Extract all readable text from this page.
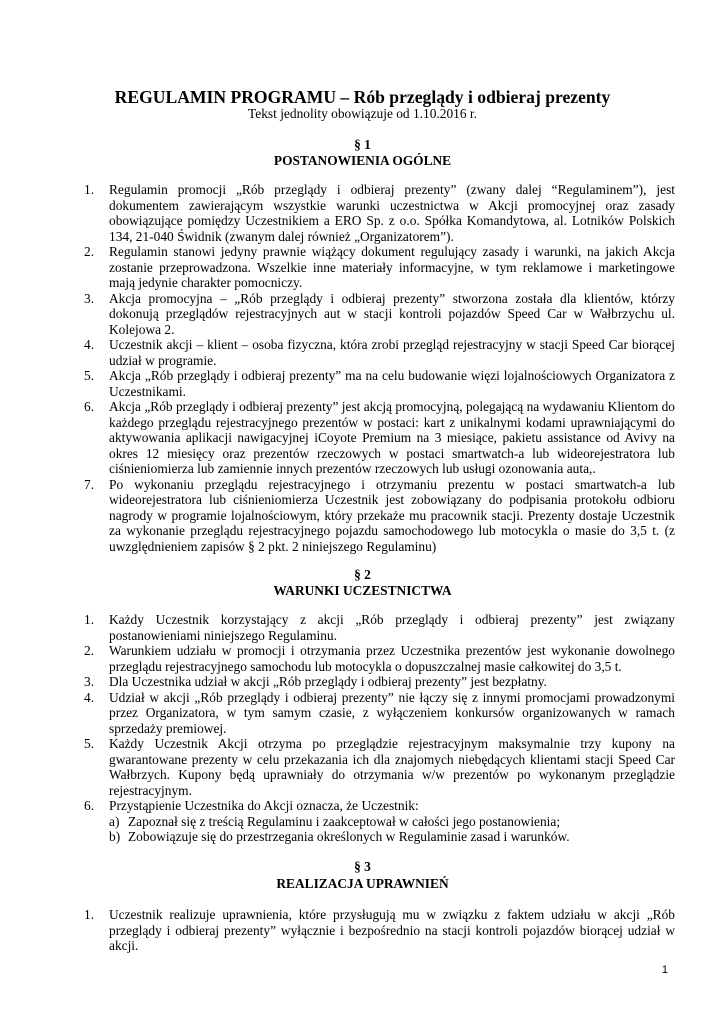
REGULAMIN PROGRAMU – Rób przeglądy i odbieraj prezenty
Tekst jednolity obowiązuje od 1.10.2016 r.
§ 1
POSTANOWIENIA OGÓLNE
1. Regulamin promocji „Rób przeglądy i odbieraj prezenty” (zwany dalej “Regulaminem”), jest dokumentem zawierającym wszystkie warunki uczestnictwa w Akcji promocyjnej oraz zasady obowiązujące pomiędzy Uczestnikiem a ERO Sp. z o.o. Spółka Komandytowa, al. Lotników Polskich 134, 21-040 Świdnik (zwanym dalej również „Organizatorem”).
2. Regulamin stanowi jedyny prawnie wiążący dokument regulujący zasady i warunki, na jakich Akcja zostanie przeprowadzona. Wszelkie inne materiały informacyjne, w tym reklamowe i marketingowe mają jedynie charakter pomocniczy.
3. Akcja promocyjna – „Rób przeglądy i odbieraj prezenty” stworzona została dla klientów, którzy dokonują przeglądów rejestracyjnych aut w stacji kontroli pojazdów Speed Car w Wałbrzychu ul. Kolejowa 2.
4. Uczestnik akcji – klient – osoba fizyczna, która zrobi przegląd rejestracyjny w stacji Speed Car biorącej udział w programie.
5. Akcja „Rób przeglądy i odbieraj prezenty” ma na celu budowanie więzi lojalnościowych Organizatora z Uczestnikami.
6. Akcja „Rób przeglądy i odbieraj prezenty” jest akcją promocyjną, polegającą na wydawaniu Klientom do każdego przeglądu rejestracyjnego prezentów w postaci: kart z unikalnymi kodami uprawniającymi do aktywowania aplikacji nawigacyjnej iCoyote Premium na 3 miesiące, pakietu assistance od Avivy na okres 12 miesięcy oraz prezentów rzeczowych w postaci smartwatch-a lub wideorejestratora lub ciśnieniomierza lub zamiennie innych prezentów rzeczowych lub usługi ozonowania auta,.
7. Po wykonaniu przeglądu rejestracyjnego i otrzymaniu prezentu w postaci smartwatch-a lub wideorejestratora lub ciśnieniomierza Uczestnik jest zobowiązany do podpisania protokołu odbioru nagrody w programie lojalnościowym, który przekaże mu pracownik stacji. Prezenty dostaje Uczestnik za wykonanie przeglądu rejestracyjnego pojazdu samochodowego lub motocykla o masie do 3,5 t. (z uwzględnieniem zapisów § 2 pkt. 2 niniejszego Regulaminu)
§ 2
WARUNKI UCZESTNICTWA
1. Każdy Uczestnik korzystający z akcji „Rób przeglądy i odbieraj prezenty” jest związany postanowieniami niniejszego Regulaminu.
2. Warunkiem udziału w promocji i otrzymania przez Uczestnika prezentów jest wykonanie dowolnego przeglądu rejestracyjnego samochodu lub motocykla o dopuszczalnej masie całkowitej do 3,5 t.
3. Dla Uczestnika udział w akcji „Rób przeglądy i odbieraj prezenty” jest bezpłatny.
4. Udział w akcji „Rób przeglądy i odbieraj prezenty” nie łączy się z innymi promocjami prowadzonymi przez Organizatora, w tym samym czasie, z wyłączeniem konkursów organizowanych w ramach sprzedaży premiowej.
5. Każdy Uczestnik Akcji otrzyma po przeglądzie rejestracyjnym maksymalnie trzy kupony na gwarantowane prezenty w celu przekazania ich dla znajomych niebędących klientami stacji Speed Car Wałbrzych. Kupony będą uprawniały do otrzymania w/w prezentów po wykonanym przeglądzie rejestracyjnym.
6. Przystąpienie Uczestnika do Akcji oznacza, że Uczestnik:
a) Zapoznał się z treścią Regulaminu i zaakceptował w całości jego postanowienia;
b) Zobowiązuje się do przestrzegania określonych w Regulaminie zasad i warunków.
§ 3
REALIZACJA UPRAWNIEŃ
1. Uczestnik realizuje uprawnienia, które przysługują mu w związku z faktem udziału w akcji „Rób przeglądy i odbieraj prezenty” wyłącznie i bezpośrednio na stacji kontroli pojazdów biorącej udział w akcji.
1
